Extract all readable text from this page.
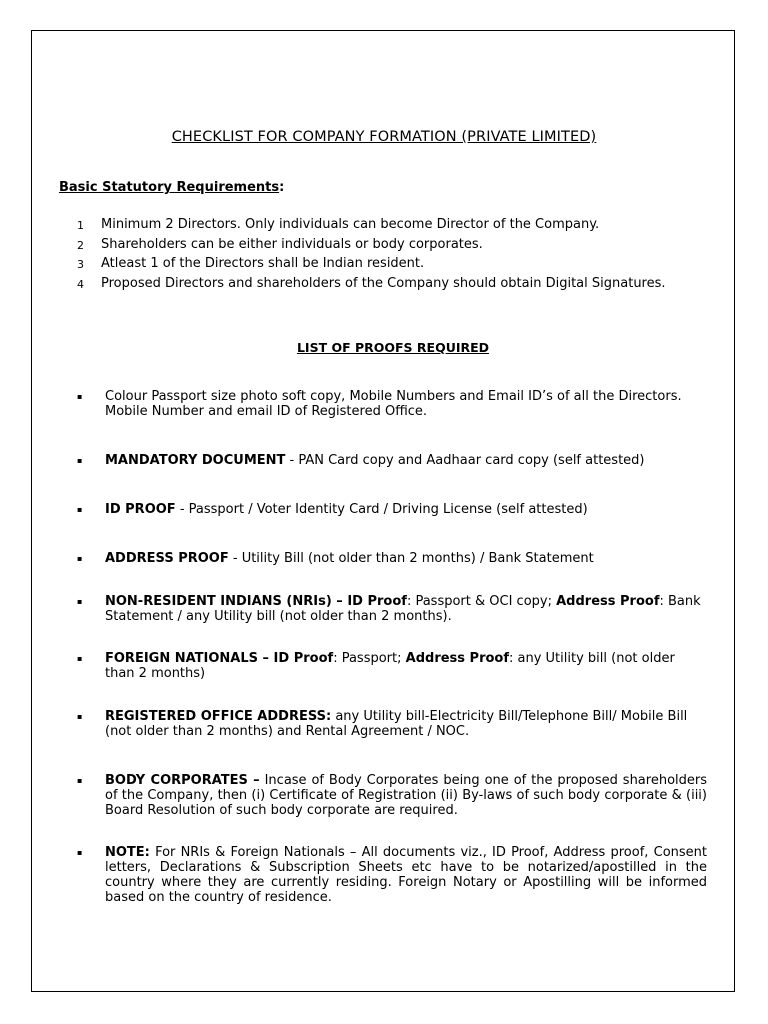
CHECKLIST FOR COMPANY FORMATION (PRIVATE LIMITED)
Basic Statutory Requirements:
1 Minimum 2 Directors. Only individuals can become Director of the Company.
2 Shareholders can be either individuals or body corporates.
3 Atleast 1 of the Directors shall be Indian resident.
4 Proposed Directors and shareholders of the Company should obtain Digital Signatures.
LIST OF PROOFS REQUIRED
▪ Colour Passport size photo soft copy, Mobile Numbers and Email ID’s of all the Directors. Mobile Number and email ID of Registered Office.
▪ MANDATORY DOCUMENT - PAN Card copy and Aadhaar card copy (self attested)
▪ ID PROOF - Passport / Voter Identity Card / Driving License (self attested)
▪ ADDRESS PROOF - Utility Bill (not older than 2 months) / Bank Statement
▪ NON-RESIDENT INDIANS (NRIs) – ID Proof: Passport & OCI copy; Address Proof: Bank Statement / any Utility bill (not older than 2 months).
▪ FOREIGN NATIONALS – ID Proof: Passport; Address Proof: any Utility bill (not older than 2 months)
▪ REGISTERED OFFICE ADDRESS: any Utility bill-Electricity Bill/Telephone Bill/ Mobile Bill (not older than 2 months) and Rental Agreement / NOC.
▪ BODY CORPORATES – Incase of Body Corporates being one of the proposed shareholders of the Company, then (i) Certificate of Registration (ii) By-laws of such body corporate & (iii) Board Resolution of such body corporate are required.
▪ NOTE: For NRIs & Foreign Nationals – All documents viz., ID Proof, Address proof, Consent letters, Declarations & Subscription Sheets etc have to be notarized/apostilled in the country where they are currently residing. Foreign Notary or Apostilling will be informed based on the country of residence.
